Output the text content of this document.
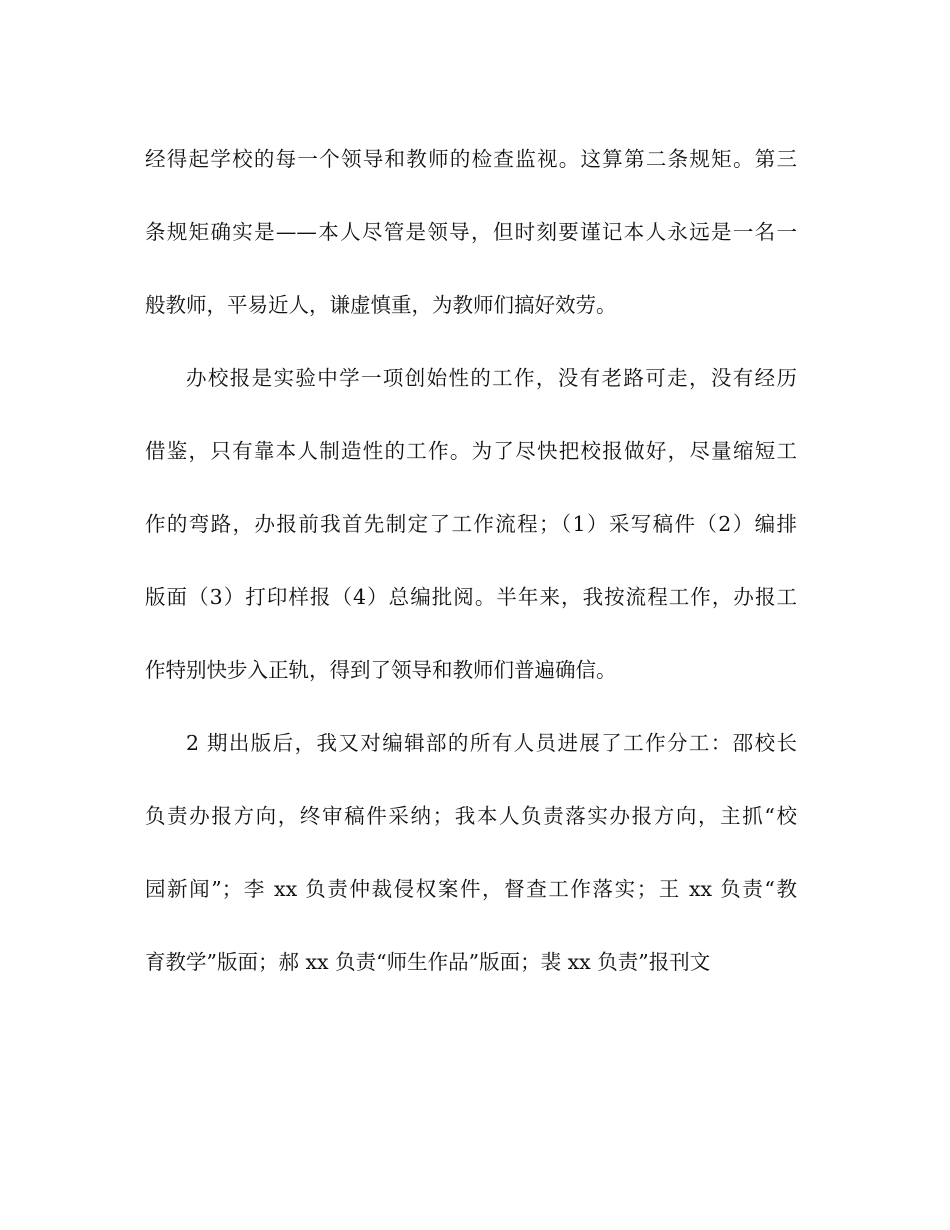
经得起学校的每一个领导和教师的检查监视。这算第二条规矩。第三
条规矩确实是——本人尽管是领导，但时刻要谨记本人永远是一名一
般教师，平易近人，谦虚慎重，为教师们搞好效劳。
办校报是实验中学一项创始性的工作，没有老路可走，没有经历
借鉴，只有靠本人制造性的工作。为了尽快把校报做好，尽量缩短工
作的弯路，办报前我首先制定了工作流程；（1）采写稿件（2）编排
版面（3）打印样报（4）总编批阅。半年来，我按流程工作，办报工
作特别快步入正轨，得到了领导和教师们普遍确信。
2 期出版后，我又对编辑部的所有人员进展了工作分工：邵校长
负责办报方向，终审稿件采纳；我本人负责落实办报方向，主抓“校
园新闻”；李 xx 负责仲裁侵权案件，督查工作落实；王 xx 负责“教
育教学”版面；郝 xx 负责“师生作品”版面；裴 xx 负责”报刊文
